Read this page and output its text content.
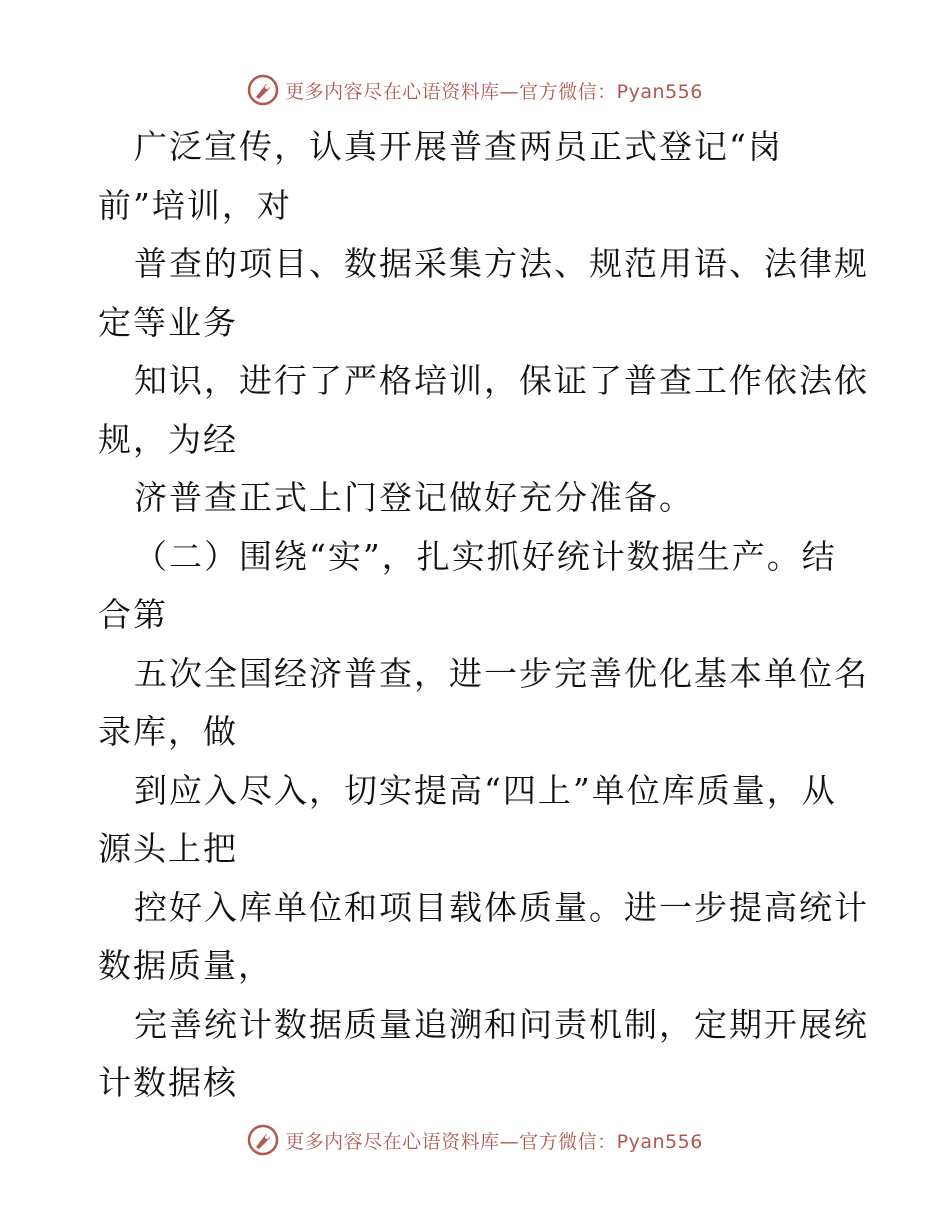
更多内容尽在心语资料库—官方微信：Pyan556
广泛宣传，认真开展普查两员正式登记“岗
前”培训，对
普查的项目、数据采集方法、规范用语、法律规
定等业务
知识，进行了严格培训，保证了普查工作依法依
规，为经
济普查正式上门登记做好充分准备。
（二）围绕“实”，扎实抓好统计数据生产。结
合第
五次全国经济普查，进一步完善优化基本单位名
录库，做
到应入尽入，切实提高“四上”单位库质量，从
源头上把
控好入库单位和项目载体质量。进一步提高统计
数据质量，
完善统计数据质量追溯和问责机制，定期开展统
计数据核
更多内容尽在心语资料库—官方微信：Pyan556
